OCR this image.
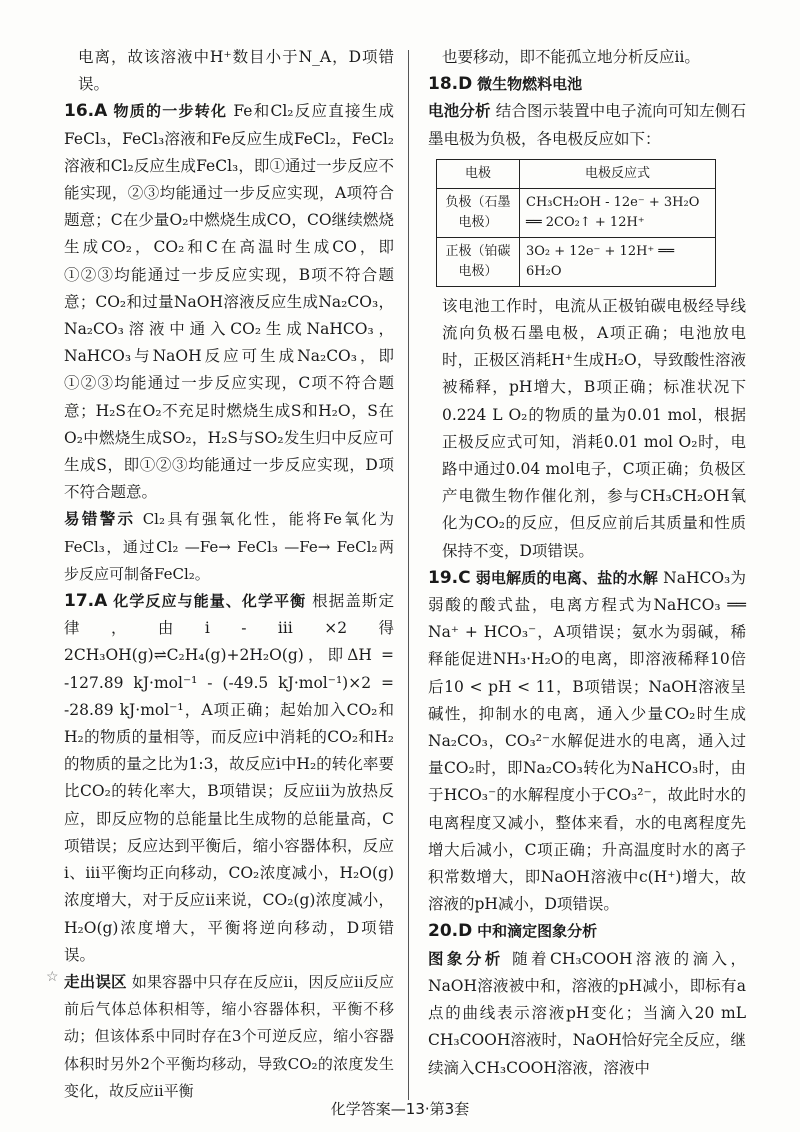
电离，故该溶液中H⁺数目小于N_A，D项错误。

16.A 物质的一步转化 Fe和Cl₂反应直接生成FeCl₃，FeCl₃溶液和Fe反应生成FeCl₂，FeCl₂溶液和Cl₂反应生成FeCl₃，即①通过一步反应不能实现，②③均能通过一步反应实现，A项符合题意；C在少量O₂中燃烧生成CO，CO继续燃烧生成CO₂，CO₂和C在高温时生成CO，即①②③均能通过一步反应实现，B项不符合题意；CO₂和过量NaOH溶液反应生成Na₂CO₃，Na₂CO₃溶液中通入CO₂生成NaHCO₃，NaHCO₃与NaOH反应可生成Na₂CO₃，即①②③均能通过一步反应实现，C项不符合题意；H₂S在O₂不充足时燃烧生成S和H₂O，S在O₂中燃烧生成SO₂，H₂S与SO₂发生归中反应可生成S，即①②③均能通过一步反应实现，D项不符合题意。

易错警示 Cl₂具有强氧化性，能将Fe氧化为FeCl₃，通过Cl₂ —Fe→ FeCl₃ —Fe→ FeCl₂两步反应可制备FeCl₂。

17.A 化学反应与能量、化学平衡 根据盖斯定律，由ⅰ-ⅲ×2得2CH₃OH(g)⇌C₂H₄(g)+2H₂O(g)，即ΔH = -127.89 kJ·mol⁻¹ - (-49.5 kJ·mol⁻¹)×2 = -28.89 kJ·mol⁻¹，A项正确；起始加入CO₂和H₂的物质的量相等，而反应ⅰ中消耗的CO₂和H₂的物质的量之比为1:3，故反应ⅰ中H₂的转化率要比CO₂的转化率大，B项错误；反应ⅲ为放热反应，即反应物的总能量比生成物的总能量高，C项错误；反应达到平衡后，缩小容器体积，反应ⅰ、ⅲ平衡均正向移动，CO₂浓度减小，H₂O(g)浓度增大，对于反应ⅱ来说，CO₂(g)浓度减小，H₂O(g)浓度增大，平衡将逆向移动，D项错误。

走出误区 如果容器中只存在反应ⅱ，因反应ⅱ反应前后气体总体积相等，缩小容器体积，平衡不移动；但该体系中同时存在3个可逆反应，缩小容器体积时另外2个平衡均移动，导致CO₂的浓度发生变化，故反应ⅱ平衡

☆

也要移动，即不能孤立地分析反应ⅱ。

18.D 微生物燃料电池

电池分析 结合图示装置中电子流向可知左侧石墨电极为负极，各电极反应如下：

电极	电极反应式
负极（石墨电极）	CH₃CH₂OH - 12e⁻ + 3H₂O ══ 2CO₂↑ + 12H⁺
正极（铂碳电极）	3O₂ + 12e⁻ + 12H⁺ ══ 6H₂O

该电池工作时，电流从正极铂碳电极经导线流向负极石墨电极，A项正确；电池放电时，正极区消耗H⁺生成H₂O，导致酸性溶液被稀释，pH增大，B项正确；标准状况下0.224 L O₂的物质的量为0.01 mol，根据正极反应式可知，消耗0.01 mol O₂时，电路中通过0.04 mol电子，C项正确；负极区产电微生物作催化剂，参与CH₃CH₂OH氧化为CO₂的反应，但反应前后其质量和性质保持不变，D项错误。

19.C 弱电解质的电离、盐的水解 NaHCO₃为弱酸的酸式盐，电离方程式为NaHCO₃ ══ Na⁺ + HCO₃⁻，A项错误；氨水为弱碱，稀释能促进NH₃·H₂O的电离，即溶液稀释10倍后10 < pH < 11，B项错误；NaOH溶液呈碱性，抑制水的电离，通入少量CO₂时生成Na₂CO₃，CO₃²⁻水解促进水的电离，通入过量CO₂时，即Na₂CO₃转化为NaHCO₃时，由于HCO₃⁻的水解程度小于CO₃²⁻，故此时水的电离程度又减小，整体来看，水的电离程度先增大后减小，C项正确；升高温度时水的离子积常数增大，即NaOH溶液中c(H⁺)增大，故溶液的pH减小，D项错误。

20.D 中和滴定图象分析

图象分析 随着CH₃COOH溶液的滴入，NaOH溶液被中和，溶液的pH减小，即标有a点的曲线表示溶液pH变化；当滴入20 mL CH₃COOH溶液时，NaOH恰好完全反应，继续滴入CH₃COOH溶液，溶液中

化学答案—13·第3套
